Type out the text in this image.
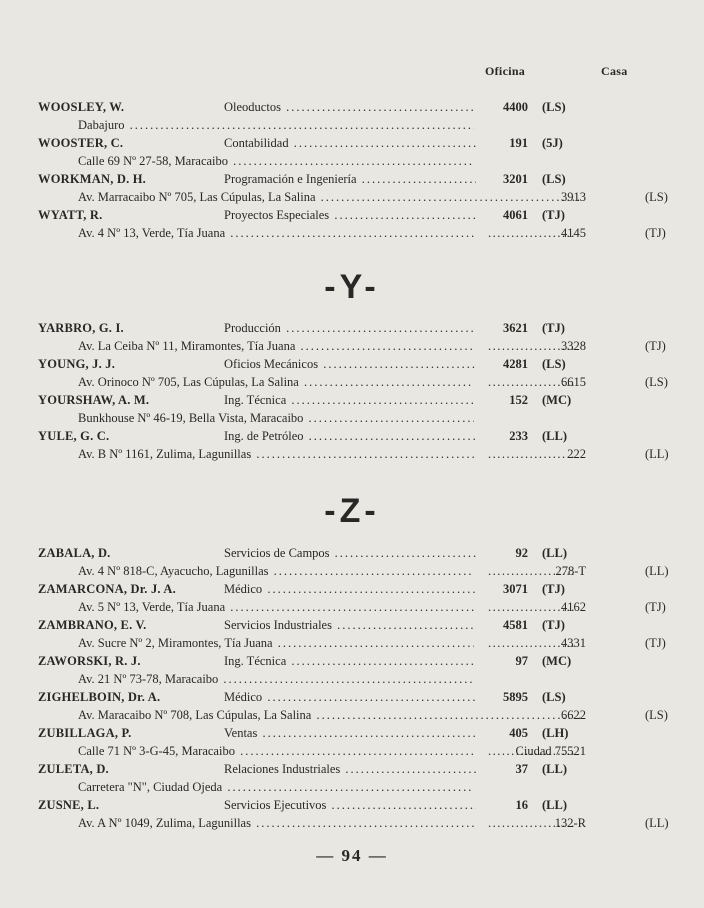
Oficina	Casa
WOOSLEY, W.	Oleoductos .....	4400 (LS)
Dabajuro .....
WOOSTER, C.	Contabilidad .....	191 (5J)
Calle 69 Nº 27-58, Maracaibo .....
WORKMAN, D. H.	Programación e Ingeniería .....	3201 (LS)
Av. Marracaibo Nº 705, Las Cúpulas, La Salina .....	3913	(LS)
WYATT, R.	Proyectos Especiales .....	4061 (TJ)
Av. 4 Nº 13, Verde, Tía Juana ..... .....	4145	(TJ)
-Y-
YARBRO, G. I.	Producción .....	3621 (TJ)
Av. La Ceiba Nº 11, Miramontes, Tía Juana ..... .....	3328	(TJ)
YOUNG, J. J.	Oficios Mecánicos .....	4281 (LS)
Av. Orinoco Nº 705, Las Cúpulas, La Salina ..... .....	6615	(LS)
YOURSHAW, A. M.	Ing. Técnica .....	152 (MC)
Bunkhouse Nº 46-19, Bella Vista, Maracaibo .....
YULE, G. C.	Ing. de Petróleo .....	233 (LL)
Av. B Nº 1161, Zulima, Lagunillas ..... .....	222	(LL)
-Z-
ZABALA, D.	Servicios de Campos .....	92 (LL)
Av. 4 Nº 818-C, Ayacucho, Lagunillas ..... .....	278-T	(LL)
ZAMARCONA, Dr. J. A.	Médico .....	3071 (TJ)
Av. 5 Nº 13, Verde, Tía Juana ..... .....	4162	(TJ)
ZAMBRANO, E. V.	Servicios Industriales .....	4581 (TJ)
Av. Sucre Nº 2, Miramontes, Tía Juana ..... .....	4331	(TJ)
ZAWORSKI, R. J.	Ing. Técnica .....	97 (MC)
Av. 21 Nº 73-78, Maracaibo .....
ZIGHELBOIN, Dr. A.	Médico .....	5895 (LS)
Av. Maracaibo Nº 708, Las Cúpulas, La Salina .....	6622	(LS)
ZUBILLAGA, P.	Ventas .....	405 (LH)
Calle 71 Nº 3-G-45, Maracaibo ..... .....	Ciudad 75521
ZULETA, D.	Relaciones Industriales .....	37 (LL)
Carretera "N", Ciudad Ojeda .....
ZUSNE, L.	Servicios Ejecutivos .....	16 (LL)
Av. A Nº 1049, Zulima, Lagunillas ..... .....	132-R	(LL)
— 94 —
